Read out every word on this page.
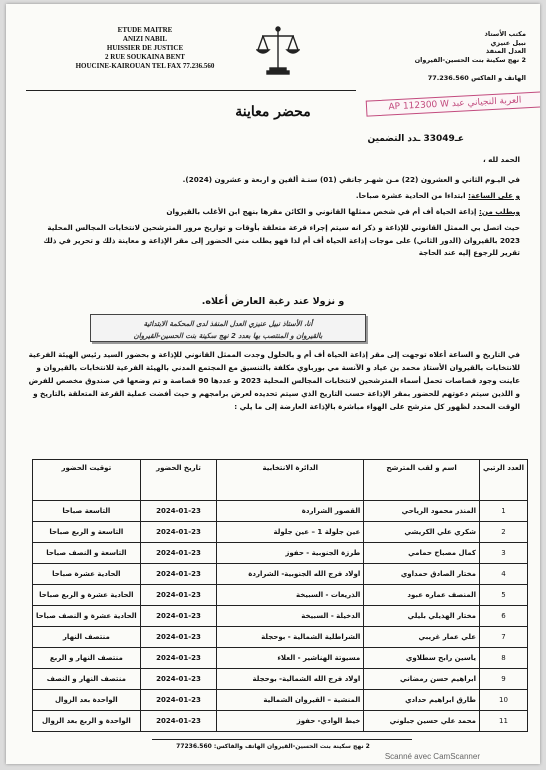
ETUDE MAITRE
ANIZI NABIL
HUISSIER DE JUSTICE
2 RUE SOUKAINA BENT
HOUCINE-KAIROUAN TEL FAX 77.236.560
مكتب الأستاذ
نبيل عنيزي
العدل المنفذ
2 نهج سكينة بنت الحسين-القيروان
الهاتف و الفاكس 77.236.560
AP 112300 W العربة النجياني عبد
محضر معاينة
عـ33049 ـدد التضمين
الحمد لله ،
في اليـوم الثاني و العشرون (22) مـن شهـر جانفي (01) سنـة ألفين و اربعة و عشرون (2024).
و على الساعة: ابتداءا من الحادية عشرة صباحا.
وبطلب من: إذاعة الحياة أف أم في شخص ممثلها القانوني و الكائن مقرها بنهج ابن الأغلب بالقيروان
حيث اتصل بي الممثل القانوني للإذاعة و ذكر انه سيتم إجراء قرعة متعلقة بأوقات و تواريخ مرور المترشحين لانتخابات المجالس المحلية 2023 بالقيروان (الدور الثاني) على موجات إذاعة الحياة أف أم لذا فهو يطلب مني الحضور إلى مقر الإذاعة و معاينة ذلك و تحرير في ذلك تقرير للرجوع إليه عند الحاجة
و نزولا عند رغبة العارض أعلاه.
أنا، الأستاذ نبيل عنيزي العدل المنفذ لدى المحكمة الابتدائية
بالقيروان و المنتصب بها بعدد 2 نهج سكينة بنت الحسين-القيروان
في التاريخ و الساعة أعلاه توجهت إلى مقر إذاعة الحياة أف أم و بالحلول وجدت الممثل القانوني للإذاعة و بحضور السيد رئيس الهيئة الفرعية للانتخابات بالقيروان الأستاذ محمد بن عياد و الآنسة مي بورباوي مكلفة بالتنسيق مع المجتمع المدني بالهيئة الفرعية للانتخابات بالقيروان و عاينت وجود قصاصات تحمل أسماء المترشحين لانتخابات المجالس المحلية 2023 و عددها 90 قصاصة و تم وضعها في صندوق مخصص للفرض و اللذين سيتم دعوتهم للحضور بمقر الإذاعة حسب التاريخ الذي سيتم تحديده لعرض برامجهم و حيث أفضت عملية القرعة المتعلقة بالتاريخ و الوقت المحدد لظهور كل مترشح على الهواء مباشرة بالإذاعة العارضة إلى ما يلي :
العدد الرتبي	اسم و لقب المترشح	الدائرة الانتخابية	تاريخ الحضور	توقيت الحضور
1	المنذر محمود الرياحي	القصور الشراردة	2024-01-23	التاسعة صباحا
2	شكري علي الكريشي	عين جلولة 1 – عين جلولة	2024-01-23	التاسعة و الربع صباحا
3	كمال مصباح حمامي	طرزة الجنوبية - حفوز	2024-01-23	التاسعة و النصف صباحا
4	مختار الصادق حمداوي	اولاد فرج الله الجنوبية- الشراردة	2024-01-23	الحادية عشرة صباحا
5	المنصف عماره عبود	الذريعات - السبيخة	2024-01-23	الحادية عشرة و الربع صباحا
6	مختار الهذيلي بليلي	الدخيلة - السبيخة	2024-01-23	الحادية عشرة و النصف صباحا
7	علي عمار غريبي	الشراطلية الشمالية - بوحجلة	2024-01-23	منتصف النهار
8	ياسين رابح سطلاوي	مسيوتة الهناشير - العلاء	2024-01-23	منتصف النهار و الربع
9	ابراهيم حسن رمضاني	اولاد فرج الله الشمالية- بوحجلة	2024-01-23	منتصف النهار و النصف
10	طارق ابراهيم حدادي	المنشية – القيروان الشمالية	2024-01-23	الواحدة بعد الزوال
11	محمد علي حسين جبلوني	خيط الوادي- حفوز	2024-01-23	الواحدة و الربع بعد الزوال
2 نهج سكينة بنت الحسين-القيروان الهاتف والفاكس: 77236.560
Scanné avec CamScanner
